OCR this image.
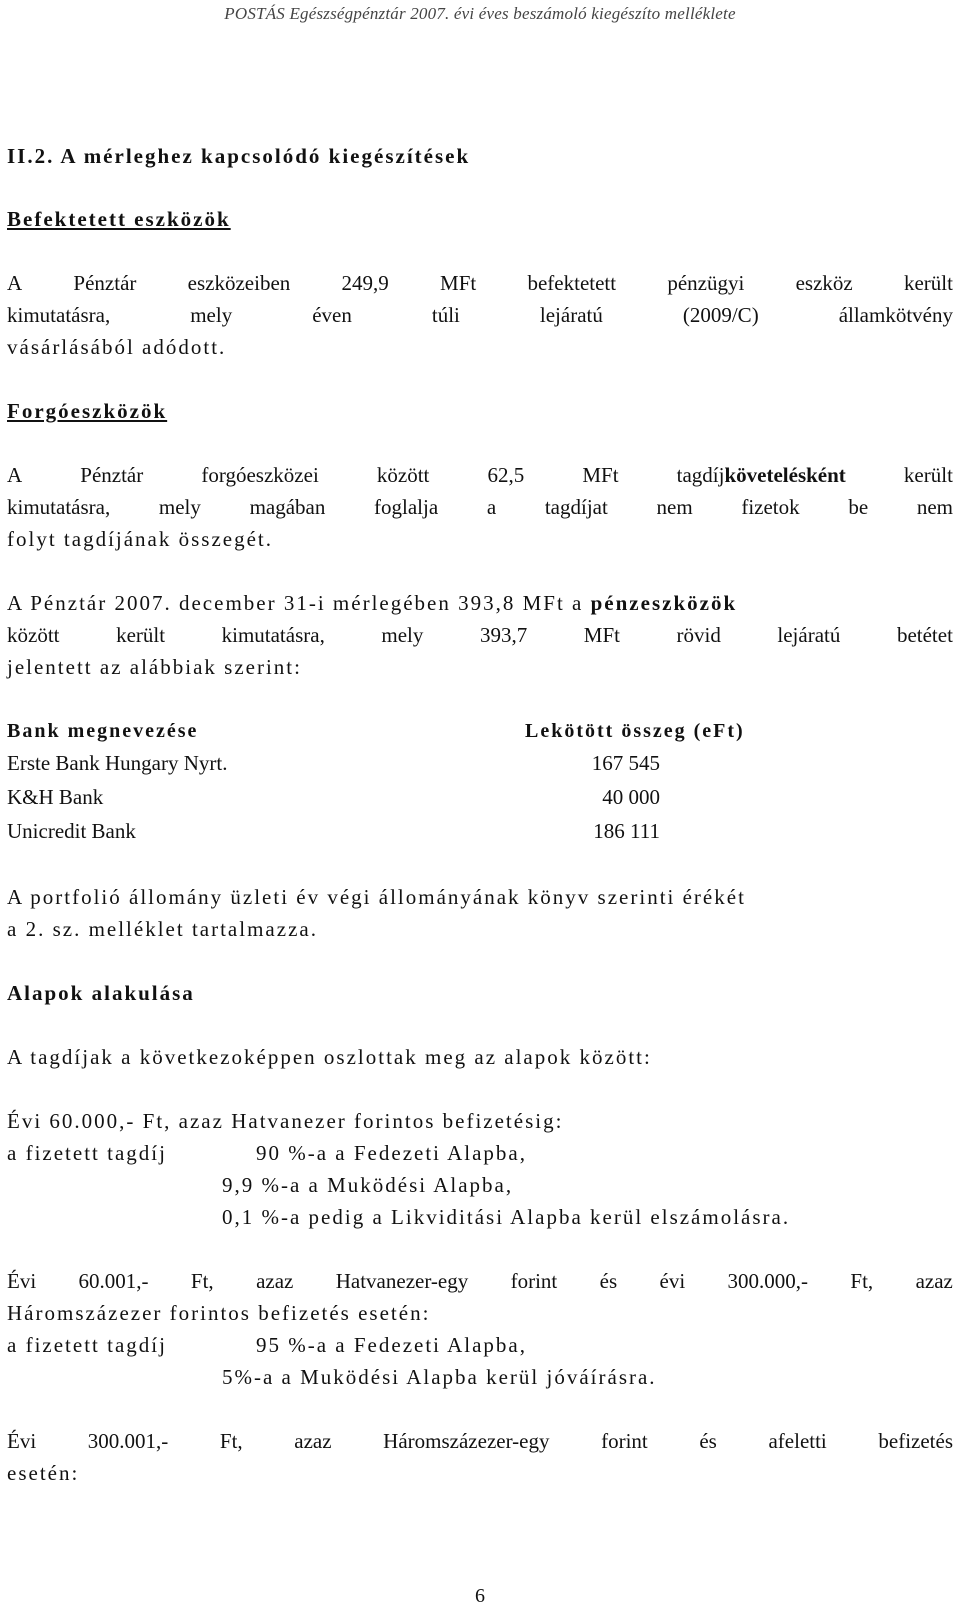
POSTÁS Egészségpénztár 2007. évi éves beszámoló kiegészíto melléklete
II.2. A mérleghez kapcsolódó kiegészítések
Befektetett eszközök
A Pénztár eszközeiben 249,9 MFt befektetett pénzügyi eszköz került
kimutatásra,	mely	éven	túli	lejáratú	(2009/C)	államkötvény
vásárlásából adódott.
Forgóeszközök
A	Pénztár	forgóeszközei	között	62,5	MFt	tagdíjkövetelésként	került
kimutatásra, mely magában foglalja a tagdíjat nem fizetok be nem
folyt tagdíjának összegét.
A Pénztár 2007. december 31-i mérlegében 393,8 MFt a pénzeszközök
között	került	kimutatásra,	mely	393,7	MFt	rövid	lejáratú	betétet
jelentett az alábbiak szerint:
Bank megnevezése	Lekötött összeg (eFt)
Erste Bank Hungary Nyrt.	167 545
K&H Bank	40 000
Unicredit Bank	186 111
A portfolió állomány üzleti év végi állományának könyv szerinti érékét
a 2. sz. melléklet tartalmazza.
Alapok alakulása
A tagdíjak a következoképpen oszlottak meg az alapok között:
Évi 60.000,- Ft, azaz Hatvanezer forintos befizetésig:
a fizetett tagdíj	90 %-a a Fedezeti Alapba,
9,9 %-a a Muködési Alapba,
0,1 %-a pedig a Likviditási Alapba kerül elszámolásra.
Évi 60.001,- Ft, azaz Hatvanezer-egy forint és évi 300.000,- Ft, azaz
Háromszázezer forintos befizetés esetén:
a fizetett tagdíj	95 %-a a Fedezeti Alapba,
5%-a a Muködési Alapba kerül jóváírásra.
Évi 300.001,- Ft, azaz Háromszázezer-egy forint és afeletti befizetés
esetén:
6
